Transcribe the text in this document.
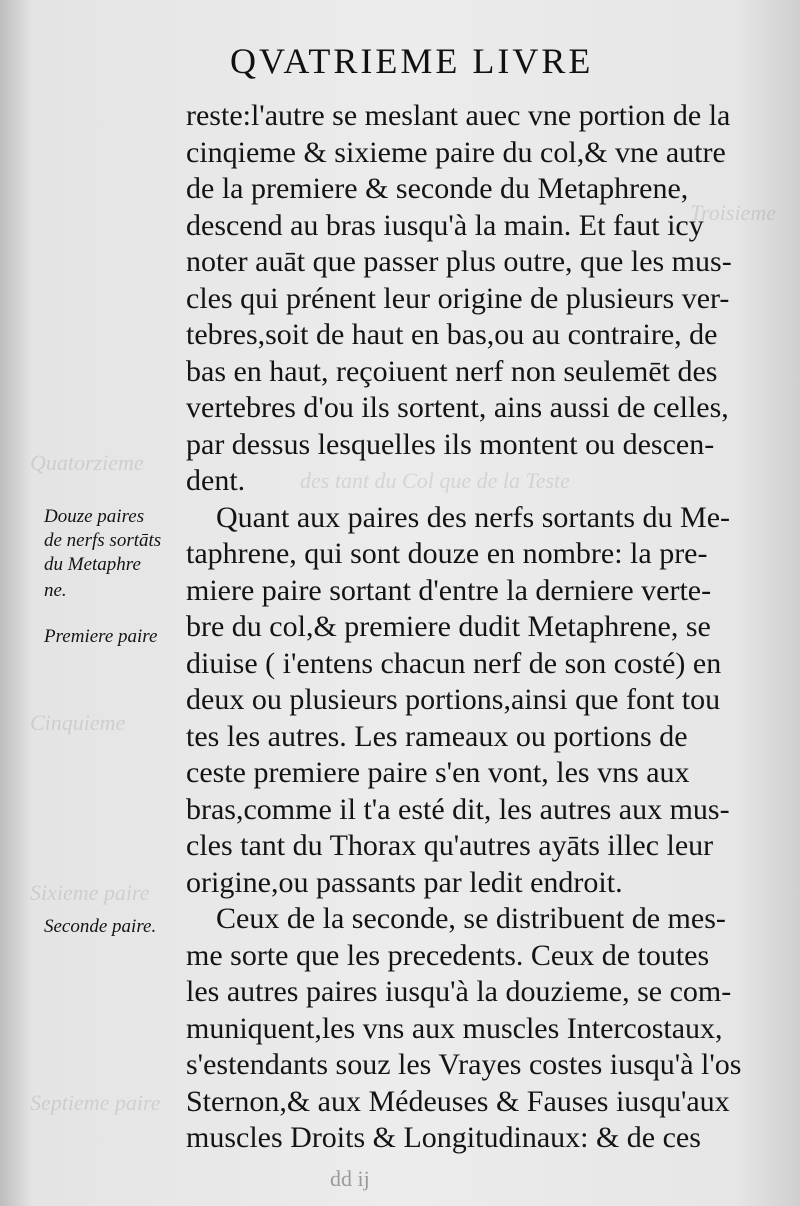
Troisieme
des tant du Col que de la Teste
Quatorzieme
Cinquieme
Sixieme paire
Septieme paire
QVATRIEME LIVRE
reste:l'autre se meslant auec vne portion de la
cinqieme & sixieme paire du col,& vne autre
de la premiere & seconde du Metaphrene,
descend au bras iusqu'à la main. Et faut icy
noter auāt que passer plus outre, que les mus-
cles qui prénent leur origine de plusieurs ver-
tebres,soit de haut en bas,ou au contraire, de
bas en haut, reçoiuent nerf non seulemēt des
vertebres d'ou ils sortent, ains aussi de celles,
par dessus lesquelles ils montent ou descen-
dent.
Quant aux paires des nerfs sortants du Me-
taphrene, qui sont douze en nombre: la pre-
miere paire sortant d'entre la derniere verte-
bre du col,& premiere dudit Metaphrene, se
diuise ( i'entens chacun nerf de son costé) en
deux ou plusieurs portions,ainsi que font tou
tes les autres. Les rameaux ou portions de
ceste premiere paire s'en vont, les vns aux
bras,comme il t'a esté dit, les autres aux mus-
cles tant du Thorax qu'autres ayāts illec leur
origine,ou passants par ledit endroit.
Ceux de la seconde, se distribuent de mes-
me sorte que les precedents. Ceux de toutes
les autres paires iusqu'à la douzieme, se com-
muniquent,les vns aux muscles Intercostaux,
s'estendants souz les Vrayes costes iusqu'à l'os
Sternon,& aux Médeuses & Fauses iusqu'aux
muscles Droits & Longitudinaux: & de ces
Douze paires
de nerfs sortāts
du Metaphre
ne.
Premiere paire
Seconde paire.
dd ij
